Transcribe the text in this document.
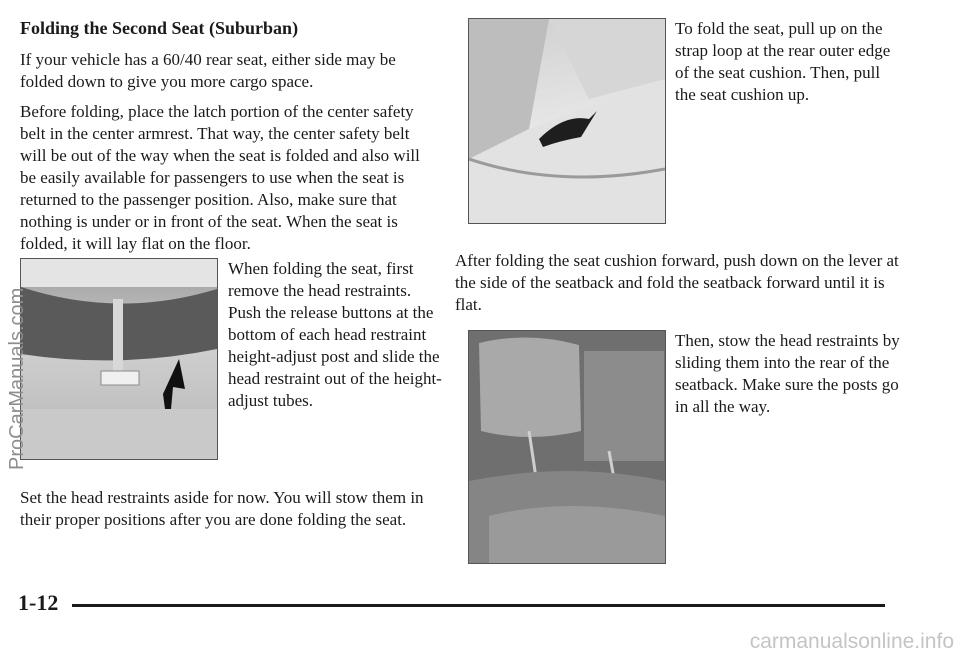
Folding the Second Seat (Suburban)

If your vehicle has a 60/40 rear seat, either side may be folded down to give you more cargo space.

Before folding, place the latch portion of the center safety belt in the center armrest. That way, the center safety belt will be out of the way when the seat is folded and also will be easily available for passengers to use when the seat is returned to the passenger position. Also, make sure that nothing is under or in front of the seat. When the seat is folded, it will lay flat on the floor.

When folding the seat, first remove the head restraints. Push the release buttons at the bottom of each head restraint height-adjust post and slide the head restraint out of the height-adjust tubes.

Set the head restraints aside for now. You will stow them in their proper positions after you are done folding the seat.

To fold the seat, pull up on the strap loop at the rear outer edge of the seat cushion. Then, pull the seat cushion up.

After folding the seat cushion forward, push down on the lever at the side of the seatback and fold the seatback forward until it is flat.

Then, stow the head restraints by sliding them into the rear of the seatback. Make sure the posts go in all the way.

1-12
ProCarManuals.com
carmanualsonline.info
